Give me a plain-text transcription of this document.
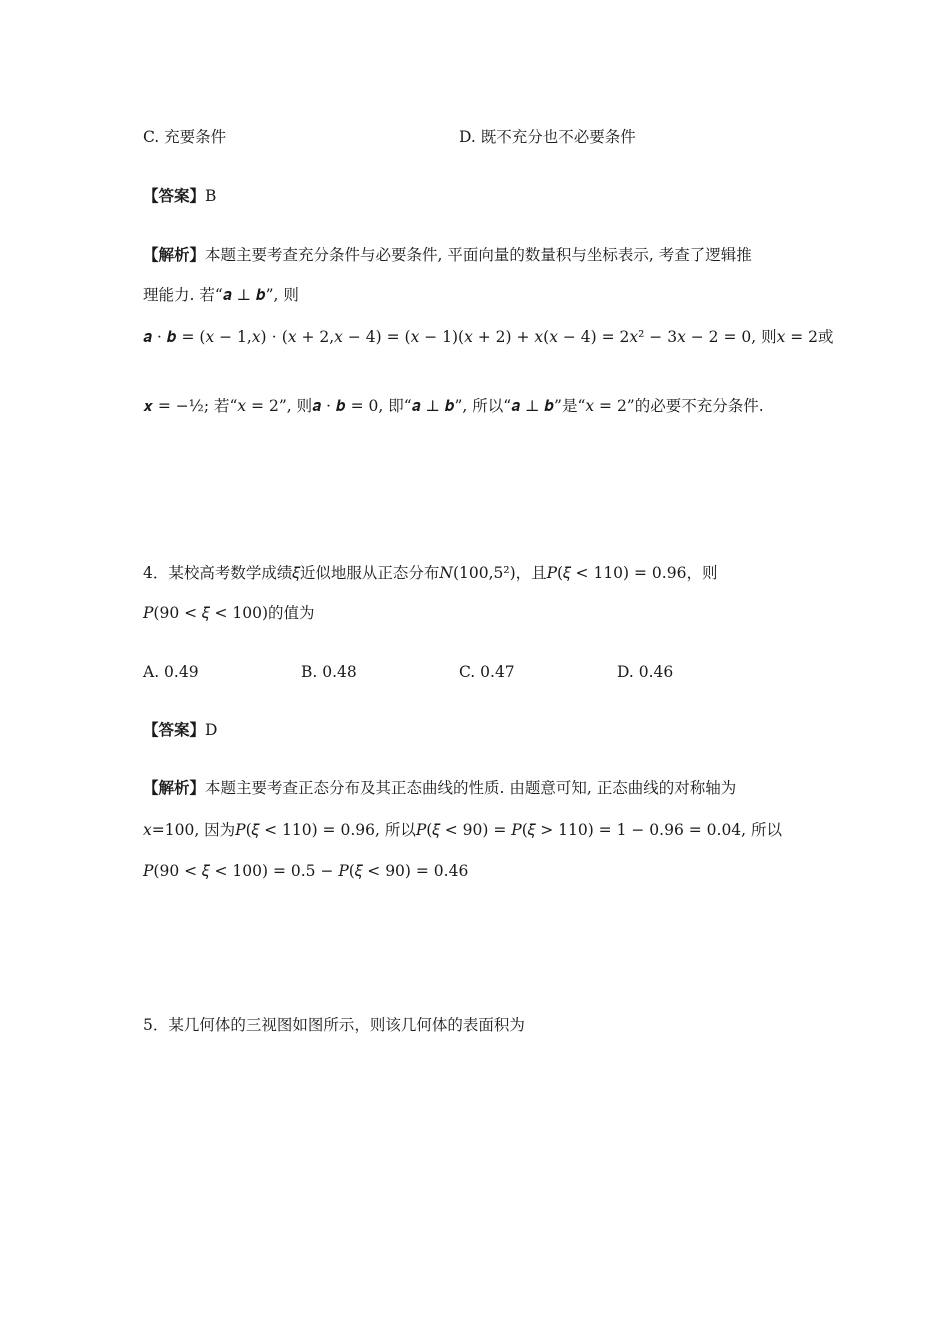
C. 充要条件	D. 既不充分也不必要条件
【答案】B
【解析】本题主要考查充分条件与必要条件, 平面向量的数量积与坐标表示, 考查了逻辑推
理能力. 若“𝒂 ⊥ 𝒃”, 则
𝒂 ⋅ 𝒃 = (𝑥 − 1,𝑥) ⋅ (𝑥 + 2,𝑥 − 4) = (𝑥 − 1)(𝑥 + 2) + 𝑥(𝑥 − 4) = 2𝑥² − 3𝑥 − 2 = 0, 则𝑥 = 2或
𝒙 = −½; 若“𝑥 = 2”, 则𝒂 ⋅ 𝒃 = 0, 即“𝒂 ⊥ 𝒃”, 所以“𝒂 ⊥ 𝒃”是“𝑥 = 2”的必要不充分条件.
4．某校高考数学成绩𝜉近似地服从正态分布𝑁(100,5²)，且𝑃(𝜉 < 110) = 0.96，则
𝑃(90 < 𝜉 < 100)的值为
A. 0.49	B. 0.48	C. 0.47	D. 0.46
【答案】D
【解析】本题主要考查正态分布及其正态曲线的性质. 由题意可知, 正态曲线的对称轴为
𝑥=100, 因为𝑃(𝜉 < 110) = 0.96, 所以𝑃(𝜉 < 90) = 𝑃(𝜉 > 110) = 1 − 0.96 = 0.04, 所以
𝑃(90 < 𝜉 < 100) = 0.5 − 𝑃(𝜉 < 90) = 0.46
5．某几何体的三视图如图所示，则该几何体的表面积为
